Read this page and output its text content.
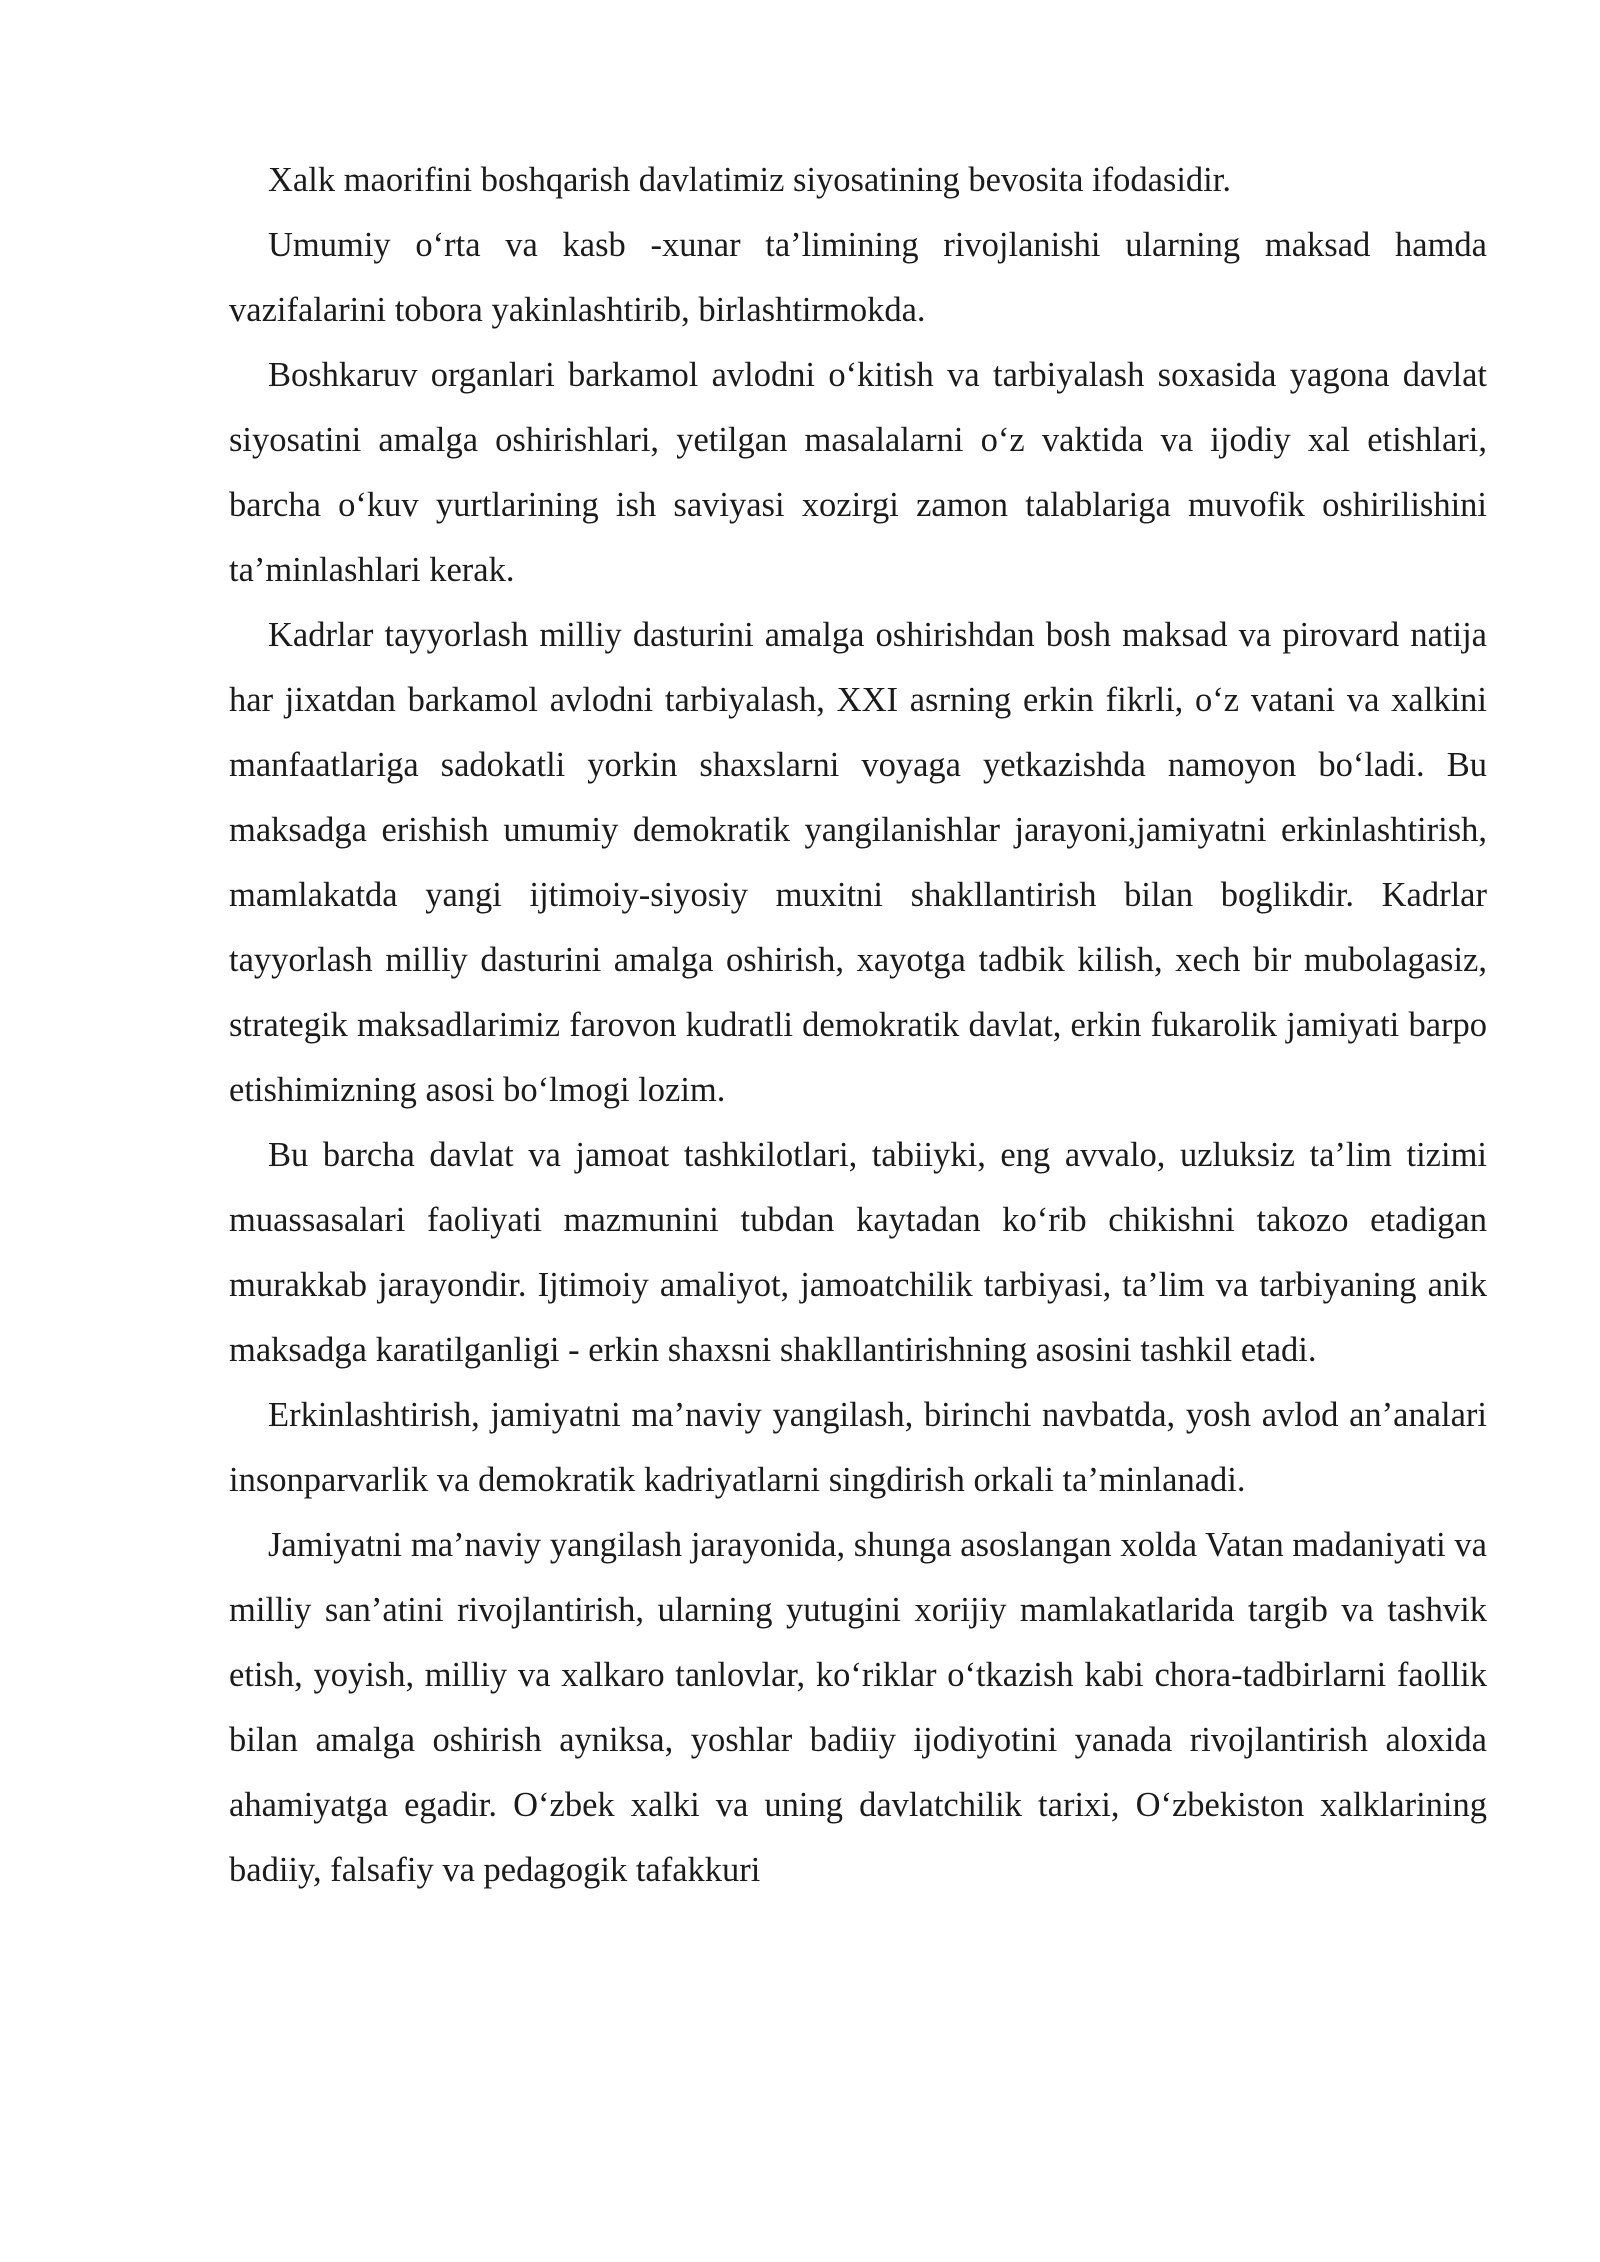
Xalk maorifini boshqarish davlatimiz siyosatining bevosita ifodasidir.

Umumiy o‘rta va kasb -xunar ta’limining rivojlanishi ularning maksad hamda vazifalarini tobora yakinlashtirib, birlashtirmokda.

Boshkaruv organlari barkamol avlodni o‘kitish va tarbiyalash soxasida yagona davlat siyosatini amalga oshirishlari, yetilgan masalalarni o‘z vaktida va ijodiy xal etishlari, barcha o‘kuv yurtlarining ish saviyasi xozirgi zamon talablariga muvofik oshirilishini ta’minlashlari kerak.

Kadrlar tayyorlash milliy dasturini amalga oshirishdan bosh maksad va pirovard natija har jixatdan barkamol avlodni tarbiyalash, XXI asrning erkin fikrli, o‘z vatani va xalkini manfaatlariga sadokatli yorkin shaxslarni voyaga yetkazishda namoyon bo‘ladi. Bu maksadga erishish umumiy demokratik yangilanishlar jarayoni,jamiyatni erkinlashtirish, mamlakatda yangi ijtimoiy-siyosiy muxitni shakllantirish bilan boglikdir. Kadrlar tayyorlash milliy dasturini amalga oshirish, xayotga tadbik kilish, xech bir mubolagasiz, strategik maksadlarimiz farovon kudratli demokratik davlat, erkin fukarolik jamiyati barpo etishimizning asosi bo‘lmogi lozim.

Bu barcha davlat va jamoat tashkilotlari, tabiiyki, eng avvalo, uzluksiz ta’lim tizimi muassasalari faoliyati mazmunini tubdan kaytadan ko‘rib chikishni takozo etadigan murakkab jarayondir. Ijtimoiy amaliyot, jamoatchilik tarbiyasi, ta’lim va tarbiyaning anik maksadga karatilganligi - erkin shaxsni shakllantirishning asosini tashkil etadi.

Erkinlashtirish, jamiyatni ma’naviy yangilash, birinchi navbatda, yosh avlod an’analari insonparvarlik va demokratik kadriyatlarni singdirish orkali ta’minlanadi.

Jamiyatni ma’naviy yangilash jarayonida, shunga asoslangan xolda Vatan madaniyati va milliy san’atini rivojlantirish, ularning yutugini xorijiy mamlakatlarida targib va tashvik etish, yoyish, milliy va xalkaro tanlovlar, ko‘riklar o‘tkazish kabi chora-tadbirlarni faollik bilan amalga oshirish ayniksa, yoshlar badiiy ijodiyotini yanada rivojlantirish aloxida ahamiyatga egadir. O‘zbek xalki va uning davlatchilik tarixi, O‘zbekiston xalklarining badiiy, falsafiy va pedagogik tafakkuri
